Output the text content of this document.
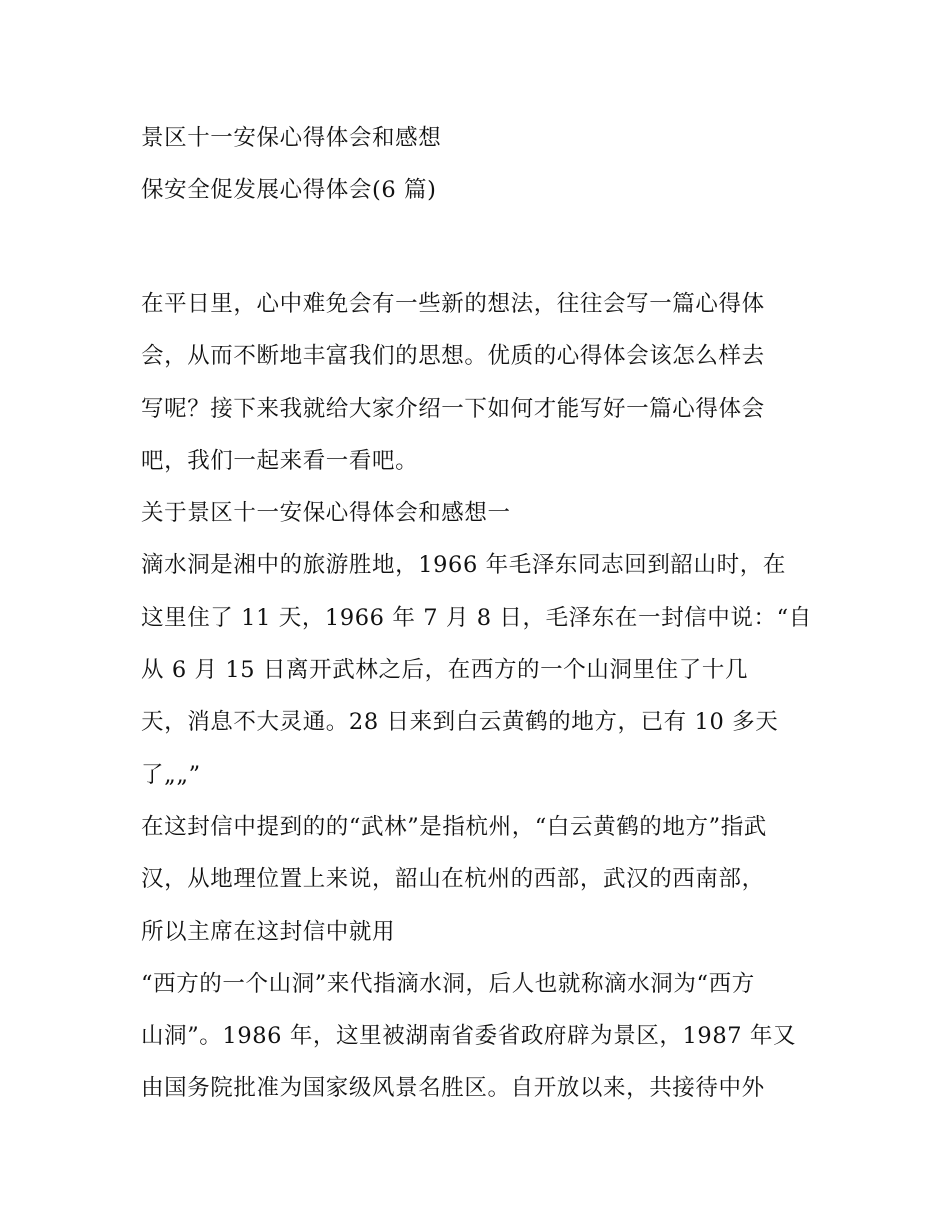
景区十一安保心得体会和感想
保安全促发展心得体会(6 篇)
在平日里，心中难免会有一些新的想法，往往会写一篇心得体
会，从而不断地丰富我们的思想。优质的心得体会该怎么样去
写呢？接下来我就给大家介绍一下如何才能写好一篇心得体会
吧，我们一起来看一看吧。
关于景区十一安保心得体会和感想一
滴水洞是湘中的旅游胜地，1966 年毛泽东同志回到韶山时，在
这里住了 11 天，1966 年 7 月 8 日，毛泽东在一封信中说：“自
从 6 月 15 日离开武林之后，在西方的一个山洞里住了十几
天，消息不大灵通。28 日来到白云黄鹤的地方，已有 10 多天
了„„”
在这封信中提到的的“武林”是指杭州，“白云黄鹤的地方”指武
汉，从地理位置上来说，韶山在杭州的西部，武汉的西南部，
所以主席在这封信中就用
“西方的一个山洞”来代指滴水洞，后人也就称滴水洞为“西方
山洞”。1986 年，这里被湖南省委省政府辟为景区，1987 年又
由国务院批准为国家级风景名胜区。自开放以来，共接待中外
